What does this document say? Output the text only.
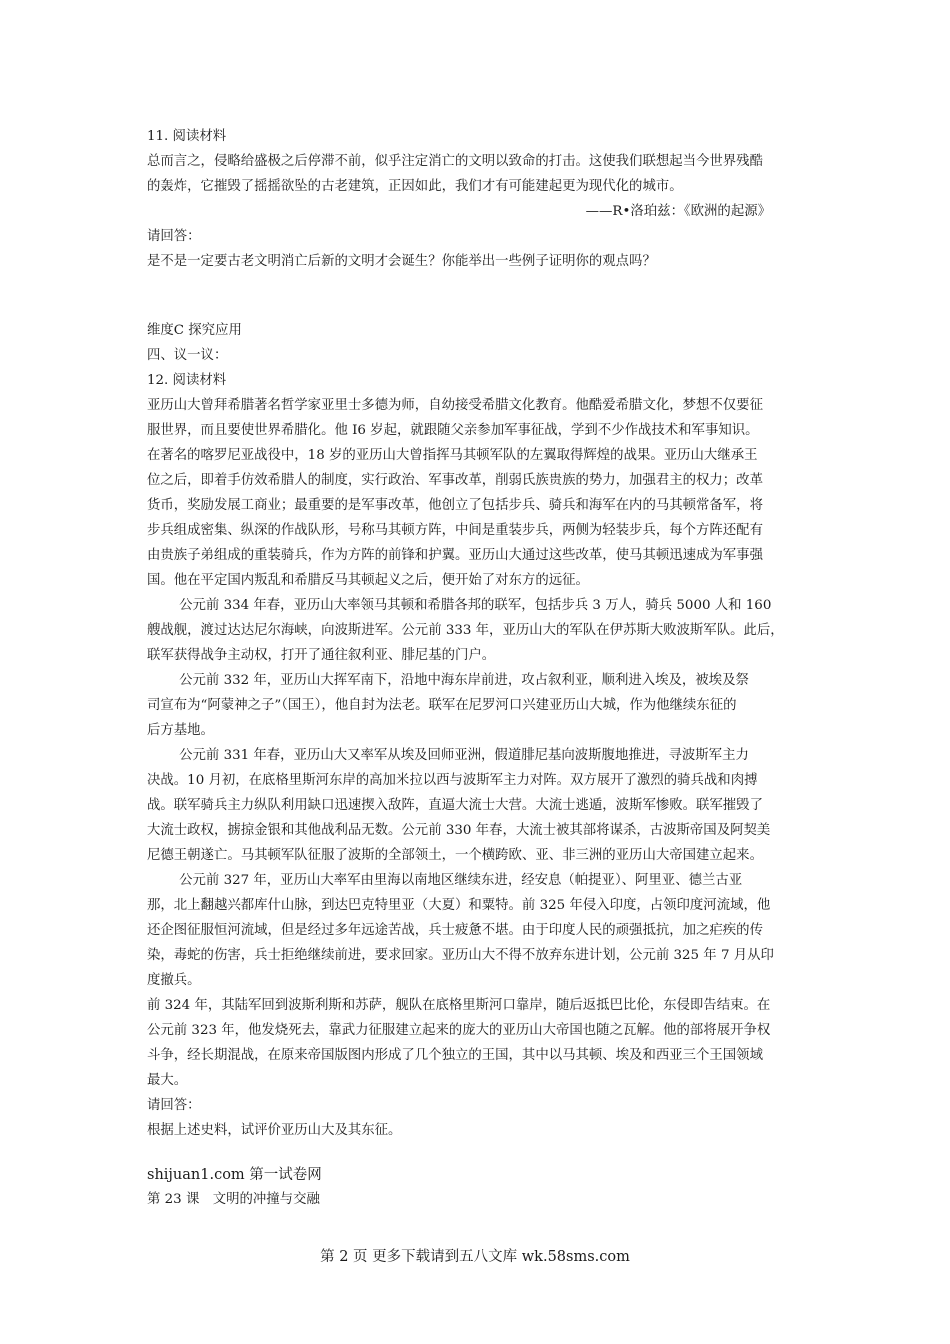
11. 阅读材料

总而言之，侵略给盛极之后停滞不前，似乎注定消亡的文明以致命的打击。这使我们联想起当今世界残酷

的轰炸，它摧毁了摇摇欲坠的古老建筑，正因如此，我们才有可能建起更为现代化的城市。

——R•洛珀兹：《欧洲的起源》

请回答：

是不是一定要古老文明消亡后新的文明才会诞生？你能举出一些例子证明你的观点吗？

维度C 探究应用

四、议一议：

12. 阅读材料

亚历山大曾拜希腊著名哲学家亚里士多德为师，自幼接受希腊文化教育。他酷爱希腊文化，梦想不仅要征

服世界，而且要使世界希腊化。他 I6 岁起，就跟随父亲参加军事征战，学到不少作战技术和军事知识。

在著名的喀罗尼亚战役中，18 岁的亚历山大曾指挥马其顿军队的左翼取得辉煌的战果。亚历山大继承王

位之后，即着手仿效希腊人的制度，实行政治、军事改革，削弱氏族贵族的势力，加强君主的权力；改革

货币，奖励发展工商业；最重要的是军事改革，他创立了包括步兵、骑兵和海军在内的马其顿常备军，将

步兵组成密集、纵深的作战队形，号称马其顿方阵，中间是重装步兵，两侧为轻装步兵，每个方阵还配有

由贵族子弟组成的重装骑兵，作为方阵的前锋和护翼。亚历山大通过这些改革，使马其顿迅速成为军事强

国。他在平定国内叛乱和希腊反马其顿起义之后，便开始了对东方的远征。

公元前 334 年春，亚历山大率领马其顿和希腊各邦的联军，包括步兵 3 万人，骑兵 5000 人和 160

艘战舰，渡过达达尼尔海峡，向波斯进军。公元前 333 年，亚历山大的军队在伊苏斯大败波斯军队。此后，

联军获得战争主动权，打开了通往叙利亚、腓尼基的门户。

公元前 332 年，亚历山大挥军南下，沿地中海东岸前进，攻占叙利亚，顺利进入埃及，被埃及祭

司宣布为“阿蒙神之子”（国王），他自封为法老。联军在尼罗河口兴建亚历山大城，作为他继续东征的

后方基地。

公元前 331 年春，亚历山大又率军从埃及回师亚洲，假道腓尼基向波斯腹地推进，寻波斯军主力

决战。10 月初，在底格里斯河东岸的高加米拉以西与波斯军主力对阵。双方展开了激烈的骑兵战和肉搏

战。联军骑兵主力纵队利用缺口迅速揳入敌阵，直逼大流士大营。大流士逃遁，波斯军惨败。联军摧毁了

大流士政权，掳掠金银和其他战利品无数。公元前 330 年春，大流士被其部将谋杀，古波斯帝国及阿契美

尼德王朝遂亡。马其顿军队征服了波斯的全部领土，一个横跨欧、亚、非三洲的亚历山大帝国建立起来。

公元前 327 年，亚历山大率军由里海以南地区继续东进，经安息（帕提亚）、阿里亚、德兰古亚

那，北上翻越兴都库什山脉，到达巴克特里亚（大夏）和粟特。前 325 年侵入印度，占领印度河流域，他

还企图征服恒河流域，但是经过多年远途苦战，兵士疲惫不堪。由于印度人民的顽强抵抗，加之疟疾的传

染，毒蛇的伤害，兵士拒绝继续前进，要求回家。亚历山大不得不放弃东进计划，公元前 325 年 7 月从印

度撤兵。

前 324 年，其陆军回到波斯利斯和苏萨，舰队在底格里斯河口靠岸，随后返抵巴比伦，东侵即告结束。在

公元前 323 年，他发烧死去，靠武力征服建立起来的庞大的亚历山大帝国也随之瓦解。他的部将展开争权

斗争，经长期混战，在原来帝国版图内形成了几个独立的王国，其中以马其顿、埃及和西亚三个王国领域

最大。

请回答：

根据上述史料，试评价亚历山大及其东征。

shijuan1.com 第一试卷网

第 23 课　文明的冲撞与交融

第 2 页 更多下载请到五八文库 wk.58sms.com
